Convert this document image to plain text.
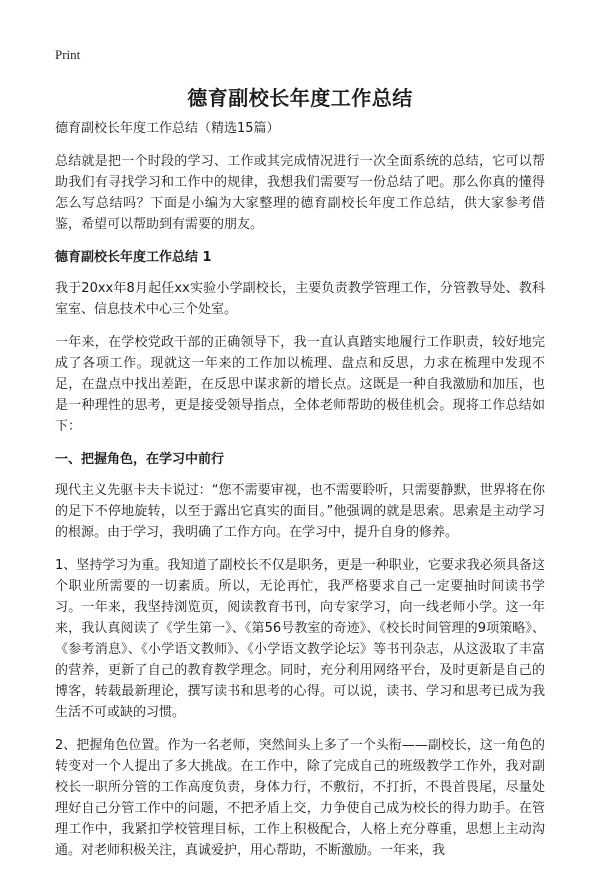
Print
德育副校长年度工作总结

德育副校长年度工作总结（精选15篇）

总结就是把一个时段的学习、工作或其完成情况进行一次全面系统的总结，它可以帮助我们有寻找学习和工作中的规律，我想我们需要写一份总结了吧。那么你真的懂得怎么写总结吗？下面是小编为大家整理的德育副校长年度工作总结，供大家参考借鉴，希望可以帮助到有需要的朋友。

德育副校长年度工作总结 1

我于20xx年8月起任xx实验小学副校长，主要负责教学管理工作，分管教导处、教科室室、信息技术中心三个处室。

一年来，在学校党政干部的正确领导下，我一直认真踏实地履行工作职责，较好地完成了各项工作。现就这一年来的工作加以梳理、盘点和反思，力求在梳理中发现不足，在盘点中找出差距，在反思中谋求新的增长点。这既是一种自我激励和加压，也是一种理性的思考，更是接受领导指点，全体老师帮助的极佳机会。现将工作总结如下：

一、把握角色，在学习中前行

现代主义先驱卡夫卡说过：“您不需要审视，也不需要聆听，只需要静默，世界将在你的足下不停地旋转，以至于露出它真实的面目。”他强调的就是思索。思索是主动学习的根源。由于学习，我明确了工作方向。在学习中，提升自身的修养。

1、坚持学习为重。我知道了副校长不仅是职务，更是一种职业，它要求我必须具备这个职业所需要的一切素质。所以，无论再忙，我严格要求自己一定要抽时间读书学习。一年来，我坚持浏览页，阅读教育书刊，向专家学习，向一线老师小学。这一年来，我认真阅读了《学生第一》、《第56号教室的奇迹》、《校长时间管理的9项策略》、《参考消息》、《小学语文教师》、《小学语文教学论坛》等书刊杂志，从这汲取了丰富的营养，更新了自己的教育教学理念。同时，充分利用网络平台，及时更新是自己的博客，转载最新理论，撰写读书和思考的心得。可以说，读书、学习和思考已成为我生活不可或缺的习惯。

2、把握角色位置。作为一名老师，突然间头上多了一个头衔——副校长，这一角色的转变对一个人提出了多大挑战。在工作中，除了完成自己的班级教学工作外，我对副校长一职所分管的工作高度负责，身体力行，不敷衍，不打折，不畏首畏尾，尽量处理好自己分管工作中的问题，不把矛盾上交，力争使自己成为校长的得力助手。在管理工作中，我紧扣学校管理目标，工作上积极配合，人格上充分尊重，思想上主动沟通。对老师积极关注，真诚爱护，用心帮助，不断激励。一年来，我
